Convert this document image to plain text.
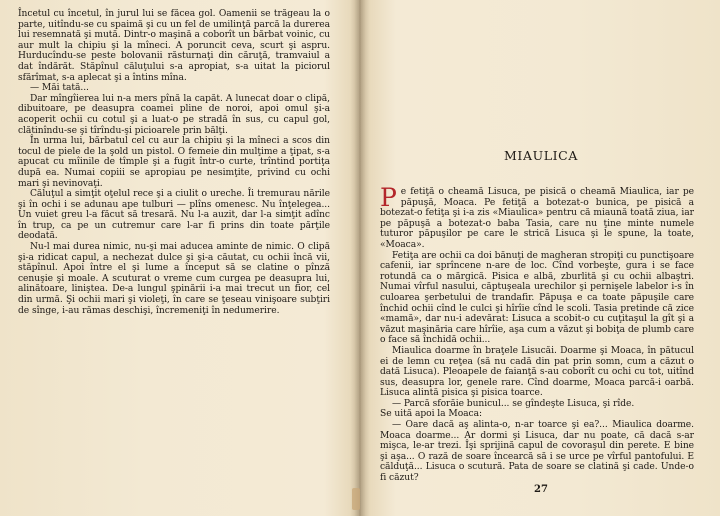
Încetul cu încetul, în jurul lui se făcea gol. Oamenii se trăgeau la o parte, uitîndu-se cu spaimă şi cu un fel de umilinţă parcă la durerea lui resemnată şi mută. Dintr-o maşină a coborît un bărbat voinic, cu aur mult la chipiu şi la mîneci. A poruncit ceva, scurt şi aspru. Hurducîndu-se peste bolovanii răsturnaţi din căruţă, tramvaiul a dat îndărăt. Stăpînul căluţului s-a apropiat, s-a uitat la piciorul sfărîmat, s-a aplecat şi a întins mîna.

— Măi tată...

Dar mîngîierea lui n-a mers pînă la capăt. A lunecat doar o clipă, dibuitoare, pe deasupra coamei pline de noroi, apoi omul şi-a acoperit ochii cu cotul şi a luat-o pe stradă în sus, cu capul gol, clătinîndu-se şi tîrîndu-şi picioarele prin bălţi.

În urma lui, bărbatul cel cu aur la chipiu şi la mîneci a scos din tocul de piele de la şold un pistol. O femeie din mulţime a ţipat, s-a apucat cu mîinile de tîmple şi a fugit într-o curte, trîntind portiţa după ea. Numai copiii se apropiau pe nesimţite, privind cu ochi mari şi nevinovaţi.

Căluţul a simţit oţelul rece şi a ciulit o ureche. Îi tremurau nările şi în ochi i se adunau ape tulburi — plîns omenesc. Nu înţelegea... Un vuiet greu l-a făcut să tresară. Nu l-a auzit, dar l-a simţit adînc în trup, ca pe un cutremur care l-ar fi prins din toate părţile deodată.

Nu-l mai durea nimic, nu-şi mai aducea aminte de nimic. O clipă şi-a ridicat capul, a nechezat dulce şi şi-a căutat, cu ochii încă vii, stăpînul. Apoi între el şi lume a început să se clatine o pînză cenuşie şi moale. A scuturat o vreme cum curgea pe deasupra lui, alinătoare, liniştea. De-a lungul şpinării i-a mai trecut un fior, cel din urmă. Şi ochii mari şi violeţi, în care se ţeseau vinişoare subţiri de sînge, i-au rămas deschişi, încremeniţi în nedumerire.

MIAULICA

Pe fetiţă o cheamă Lisuca, pe pisică o cheamă Miaulica, iar pe păpuşă, Moaca. Pe fetiţă a botezat-o bunica, pe pisică a botezat-o fetiţa şi i-a zis «Miaulica» pentru că miaună toată ziua, iar pe păpuşă a botezat-o baba Tasia, care nu ţine minte numele tuturor păpuşilor pe care le strică Lisuca şi le spune, la toate, «Moaca».

Fetiţa are ochii ca doi bănuţi de magheran stropiţi cu punctişoare cafenii, iar sprîncene n-are de loc. Cînd vorbeşte, gura i se face rotundă ca o mărgică. Pisica e albă, zburlită şi cu ochii albaştri. Numai vîrful nasului, căptuşeala urechilor şi pernişele labelor i-s în culoarea şerbetului de trandafir. Păpuşa e ca toate păpuşile care închid ochii cînd le culci şi hîrîie cînd le scoli. Tasia pretinde că zice «mamă», dar nu-i adevărat: Lisuca a scobit-o cu cuţitaşul la gît şi a văzut maşinăria care hîrîie, aşa cum a văzut şi bobiţa de plumb care o face să închidă ochii...

Miaulica doarme în braţele Lisucăi. Doarme şi Moaca, în pătucul ei de lemn cu reţea (să nu cadă din pat prin somn, cum a căzut o dată Lisuca). Pleoapele de faianţă s-au coborît cu ochi cu tot, uitînd sus, deasupra lor, genele rare. Cînd doarme, Moaca parcă-i oarbă. Lisuca alintă pisica şi pisica toarce.

— Parcă sforăie bunicul... se gîndeşte Lisuca, şi rîde.

Se uită apoi la Moaca:

— Oare dacă aş alinta-o, n-ar toarce şi ea?... Miaulica doarme. Moaca doarme... Ar dormi şi Lisuca, dar nu poate, că dacă s-ar mişca, le-ar trezi. Îşi sprijină capul de covoraşul din perete. E bine şi aşa... O rază de soare încearcă să i se urce pe vîrful pantofului. E călduţă... Lisuca o scutură. Pata de soare se clatină şi cade. Unde-o fi căzut?

27
